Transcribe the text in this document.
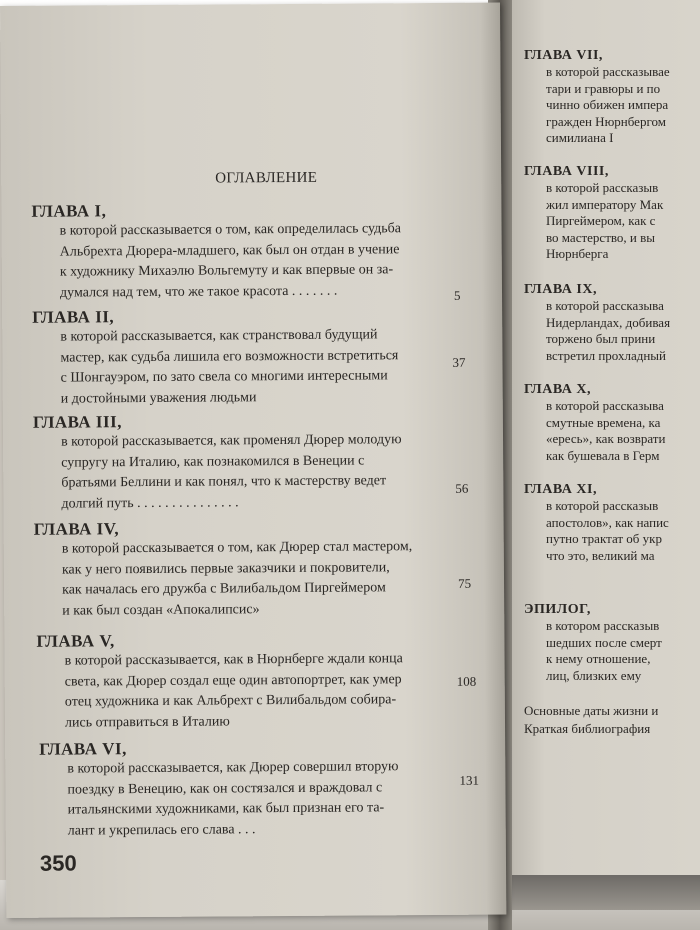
ОГЛАВЛЕНИЕ
ГЛАВА I,
в которой рассказывается о том, как определилась судьба
Альбрехта Дюрера-младшего, как был он отдан в учение
к художнику Михаэлю Вольгемуту и как впервые он за-
думался над тем, что же такое красота . . . . . . .	5
ГЛАВА II,
в которой рассказывается, как странствовал будущий
мастер, как судьба лишила его возможности встретиться
с Шонгауэром, по зато свела со многими интересными
и достойными уважения людьми
37
ГЛАВА III,
в которой рассказывается, как променял Дюрер молодую
супругу на Италию, как познакомился в Венеции с
братьями Беллини и как понял, что к мастерству ведет
долгий путь . . . . . . . . . . . . . . .
56
ГЛАВА IV,
в которой рассказывается о том, как Дюрер стал мастером,
как у него появились первые заказчики и покровители,
как началась его дружба с Вилибальдом Пиргеймером
и как был создан «Апокалипсис»
75
ГЛАВА V,
в которой рассказывается, как в Нюрнберге ждали конца
света, как Дюрер создал еще один автопортрет, как умер
отец художника и как Альбрехт с Вилибальдом собира-
лись отправиться в Италию
108
ГЛАВА VI,
в которой рассказывается, как Дюрер совершил вторую
поездку в Венецию, как он состязался и враждовал с
итальянскими художниками, как был признан его та-
лант и укрепилась его слава . . .
131
350
ГЛАВА VII,
в которой рассказывае
тари и гравюры и по
чинно обижен импера
гражден Нюрнбергом
симилиана I
ГЛАВА VIII,
в которой рассказыв
жил императору Мак
Пиргеймером, как с
во мастерство, и вы
Нюрнберга
ГЛАВА IX,
в которой рассказыва
Нидерландах, добивая
торжено был прини
встретил прохладный
ГЛАВА X,
в которой рассказыва
смутные времена, ка
«ересь», как возврати
как бушевала в Герм
ГЛАВА XI,
в которой рассказыв
апостолов», как напис
путно трактат об укр
что это, великий ма
ЭПИЛОГ,
в котором рассказыв
шедших после смерт
к нему отношение,
лиц, близких ему
Основные даты жизни и
Краткая библиография
